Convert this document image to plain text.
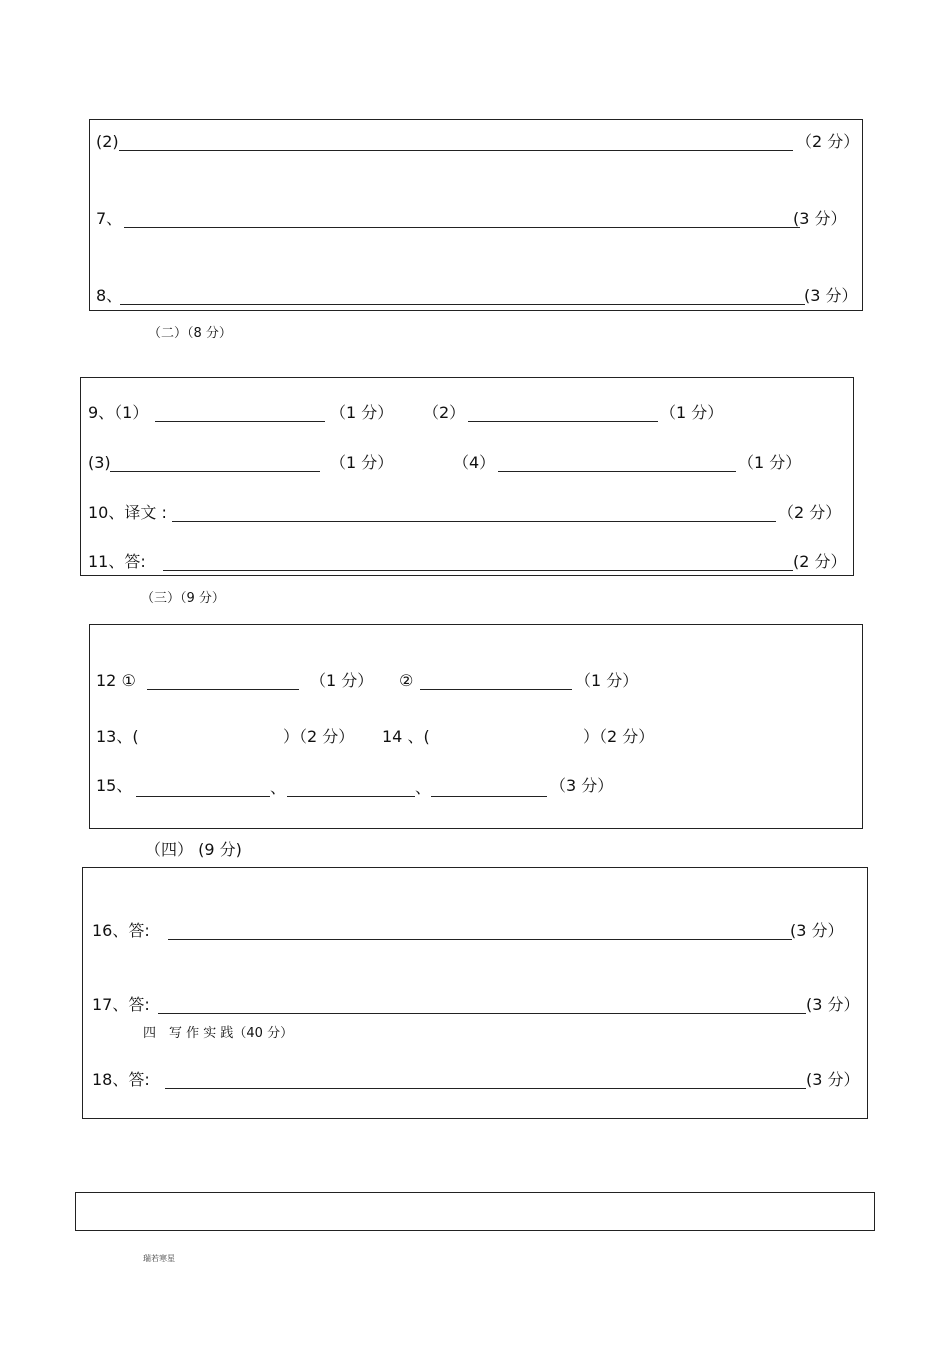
(2)	（2 分）
7、	(3 分）
8、	(3 分）
（二）（8 分）
9、（1）	（1 分） （2）	（1 分）
(3)	（1 分）	（4）	（1 分）
10、译文 :	（2 分）
11、答:	(2 分）
（三）（9 分）
12 ①	（1 分） ②	（1 分）
13、(	）（2 分） 14 、(	）（2 分）
15、	、	、	（3 分）
（四） (9 分)
16、答:	(3 分）
17、答:	(3 分）
四　写 作 实 践（40 分）
18、答:	(3 分）
瑞若寒星
